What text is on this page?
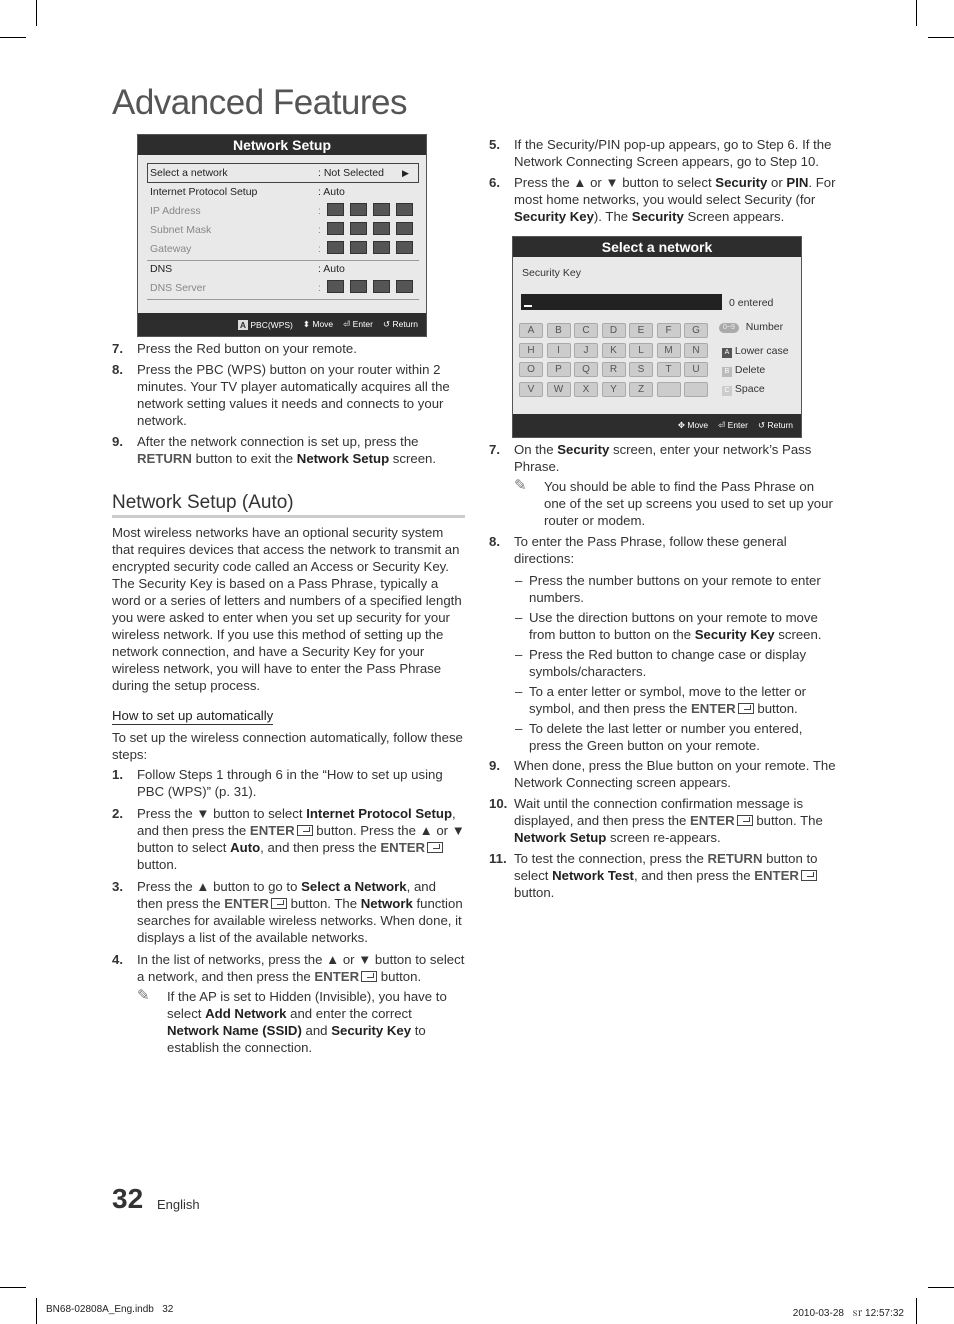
Advanced Features
Network Setup
Select a network	: Not Selected ▶
Internet Protocol Setup	: Auto
IP Address	:
Subnet Mask	:
Gateway	:
DNS	: Auto
DNS Server	:
A PBC(WPS) ⬍ Move ⏎ Enter ↺ Return
7.	Press the Red button on your remote.
8.	Press the PBC (WPS) button on your router within 2 minutes. Your TV player automatically acquires all the network setting values it needs and connects to your network.
9.	After the network connection is set up, press the RETURN button to exit the Network Setup screen.
Network Setup (Auto)

Most wireless networks have an optional security system that requires devices that access the network to transmit an encrypted security code called an Access or Security Key. The Security Key is based on a Pass Phrase, typically a word or a series of letters and numbers of a specified length you were asked to enter when you set up security for your wireless network. If you use this method of setting up the network connection, and have a Security Key for your wireless network, you will have to enter the Pass Phrase during the setup process.

How to set up automatically

To set up the wireless connection automatically, follow these steps:

1.	Follow Steps 1 through 6 in the “How to set up using PBC (WPS)” (p. 31).
2.	Press the ▼ button to select Internet Protocol Setup, and then press the ENTER button. Press the ▲ or ▼ button to select Auto, and then press the ENTER button.
3.	Press the ▲ button to go to Select a Network, and then press the ENTER button. The Network function searches for available wireless networks. When done, it displays a list of the available networks.
4.	In the list of networks, press the ▲ or ▼ button to select a network, and then press the ENTER button.
✎	If the AP is set to Hidden (Invisible), you have to select Add Network and enter the correct Network Name (SSID) and Security Key to establish the connection.
5.	If the Security/PIN pop-up appears, go to Step 6. If the Network Connecting Screen appears, go to Step 10.
6.	Press the ▲ or ▼ button to select Security or PIN. For most home networks, you would select Security (for Security Key). The Security Screen appears.
Select a network
Security Key
0 entered
A	B	C	D	E	F	G
H	I	J	K	L	M	N
O	P	Q	R	S	T	U
V	W	X	Y	Z
0~9 Number
A Lower case
B Delete
C Space
✥ Move ⏎ Enter ↺ Return
7.	On the Security screen, enter your network’s Pass Phrase.
✎	You should be able to find the Pass Phrase on one of the set up screens you used to set up your router or modem.
8.	To enter the Pass Phrase, follow these general directions:
– Press the number buttons on your remote to enter numbers.
– Use the direction buttons on your remote to move from button to button on the Security Key screen.
– Press the Red button to change case or display symbols/characters.
– To a enter letter or symbol, move to the letter or symbol, and then press the ENTER button.
– To delete the last letter or number you entered, press the Green button on your remote.
9.	When done, press the Blue button on your remote. The Network Connecting screen appears.
10. Wait until the connection confirmation message is displayed, and then press the ENTER button. The Network Setup screen re-appears.
11. To test the connection, press the RETURN button to select Network Test, and then press the ENTER button.
32 English
BN68-02808A_Eng.indb   32	2010-03-28   ㏛ 12:57:32
